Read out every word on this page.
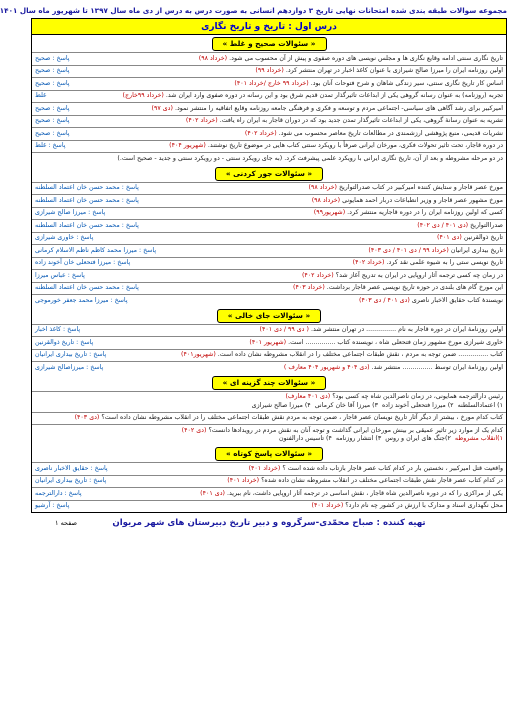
مجموعه سوالات طبقه بندی شده امتحانات نهایی تاریخ ۳ دوازدهم انسانی به صورت درس به درس از دی ماه سال ۱۳۹۷ تا شهریور ماه سال ۱۴۰۱
درس اول : تاریخ و تاریخ نگاری
« سئوالات صحیح و غلط »
تاریخ نگاری سنتی ادامه وقایع نگاری ها و مجلس نویسی های دوره صفوی و پیش از آن محسوب می شود. (خرداد ۹۸)
پاسخ : صحیح
اولین روزنامه ایران را میرزا صالح شیرازی با عنوان کاغذ اخبار در تهران منتشر کرد. (خرداد ۹۹)
پاسخ : صحیح
اساس کار تاریخ نگاری سنتی، سیر زندگی شاهان و شرح فتوحات آنان بود. (خرداد ۹۹ خارج /خرداد ۴۰۱)
پاسخ : صحیح
تجربه (روزنامه) به عنوان رسانه گروهی یکی از ابداعات تاثیرگذار تمدن قدیم شرق بود و این رسانه در دوره صفوی وارد ایران شد. (خرداد ۹۹خارج)
غلط
امیرکبیر برای رشد آگاهی های سیاسی- اجتماعی مردم و توسعه و فکری و فرهنگی جامعه روزنامه وقایع اتفاقیه را منتشر نمود. (دی ۹۷)
پاسخ : صحیح
تشریه به عنوان رسانهٔ گروهی، یکی از ابداعات تاثیرگذار تمدن جدید بود که در دوران قاجار به ایران راه یافت. (خرداد ۴۰۲)
پاسخ : صحیح
نشریات قدیمی، منبع پژوهشی ارزشمندی در مطالعات تاریخ معاصر محسوب می شود. (خرداد ۴۰۲)
پاسخ : صحیح
در دوره قاجار، تحت تاثیر تحولات فکری، مورخان ایرانی صرفاً با رویکرد سنتی کتاب هایی در موضوع تاریخ نوشتند. (شهریور ۴۰۴)
پاسخ : غلط
در دو مرحله مشروطه و بعد از آن، تاریخ نگاری ایرانی با رویکرد علمی پیشرفت کرد. (به جای رویکرد سنتی - دو رویکرد سنتی و جدید - صحیح است.)
« سئوالات جور کردنی »
مورخ عصر قاجار و ستایش کننده امیرکبیر در کتاب صدرالتواریخ (خرداد ۹۸)
پاسخ : محمد حسن خان اعتماد السلطنه
مورخ مشهور عصر قاجار و وزیر انطباعات دربار احمد همایونی (خرداد ۹۸)
پاسخ : محمد حسن خان اعتماد السلطنه
کسی که اولین روزنامه ایران را در دوره قاجاریه منتشر کرد. (شهریور۹۹)
پاسخ : میرزا صالح شیرازی
صدراالتواریخ (دی ۴۰۱ / دی ۴۰۲)
پاسخ : محمد حسن خان اعتماد السلطنه
تاریخ ذوالقرنین (دی ۴۰۱)
پاسخ : خاوری شیرازی
تاریخ بیداری ایرانیان (خرداد ۹۹ / دی ۴۰۱ / دی ۴۰۳)
پاسخ : میرزا محمد کاظم ناظم الاسلام کرمانی
تاریخ نویسی ستی را به شیوه علمی نقد کرد. (خرداد ۴۰۲)
پاسخ : میرزا فتحعلی خان آخوند زاده
در زمان چه کسی ترجمه آثار اروپایی در ایران به تدریج آغاز شد؟ (خرداد ۴۰۲)
پاسخ : عباس میرزا
این مورخ گام های بلندی در حوزه تاریخ نویسی عصر قاجار برداشت. (خرداد ۴۰۳)
پاسخ : محمد حسن خان اعتماد السلطنه
نویسندهٔ کتاب حقایق الاخبار ناصری (دی ۴۰۱ / دی ۴۰۳)
پاسخ : میرزا محمد جعفر خورموجی
« سئوالات جای خالی »
اولین روزنامهٔ ایران در دوره قاجار به نام ............... در تهران منتشر شد. ( دی ۹۹ / دی ۴۰۱)
پاسخ : کاغذ اخبار
خاوری شیرازی مورخ مشهور زمان فتحعلی شاه ، نویسنده کتاب ............... است. (شهریور ۴۰۱)
پاسخ : تاریخ ذوالقرنین
کتاب ............... ضمن توجه به مردم ، نقش طبقات اجتماعی مختلف را در انقلاب مشروطه نشان داده است. (شهریور۴۰۱)
پاسخ : تاریخ بیداری ایرانیان
اولین روزنامهٔ ایران توسط ............... منتشر شد. (دی ۴۰۴ و شهریور ۴۰۴ معارف )
پاسخ : میرزاصالح شیرازی
« سئوالات چند گزینه ای »
رئیس دارالترجمه همایونی، در زمان ناصرالدین شاه چه کسی بود؟ (دی ۴۰۱ معارف)
۱) اعتمادالسلطنه
۲) میرزا فتحعلی آخوند زاده
۳) میرزا آقا خان کرمانی
۴) میرزا صالح شیرازی
کتاب کدام مورخ ، بیشتر از دیگر آثار تاریخ نویسان عصر قاجار ، ضمن توجه به مردم نقش طبقات اجتماعی مختلف را در انقلاب مشروطه نشان داده است؟ (دی ۴۰۳)
کدام یک از موارد زیر تاثیر عمیقی بر بینش مورخان ایرانی گذاشت و توجه آنان به نقش مردم در رویدادها دانست؟ (دی ۴۰۲)
۱)انقلاب مشروطه
۲)جنگ های ایران و روس
۳) انتشار روزنامه
۴) تاسیس دارالفنون
« سئوالات پاسخ کوتاه »
واقعیت قتل امیرکبیر ، نخستین بار در کدام کتاب عصر قاجار بازتاب داده شده است ؟ (خرداد ۴۰۱)
پاسخ : حقایق الاخبار ناصری
در کدام کتاب عصر قاجار نقش طبقات اجتماعی مختلف در انقلاب مشروطه نشان داده شده؟ (خرداد ۴۰۱)
پاسخ : تاریخ بیداری ایرانیان
یکی از مراکزی را که در دوره ناصرالدین شاه قاجار ، نقش اساسی در ترجمه آثار اروپایی داشت، نام ببرید. (دی ۴۰۱)
پاسخ : دارالترجمه
محل نگهداری اسناد و مدارک با ارزش در کشور چه نام دارد؟ (خرداد ۴۰۱)
پاسخ : آرشیو
تهیه کننده : صباح محمّدی-سرگروه و دبیر تاریخ دبیرستان های شهر مریوان
صفحه ۱
